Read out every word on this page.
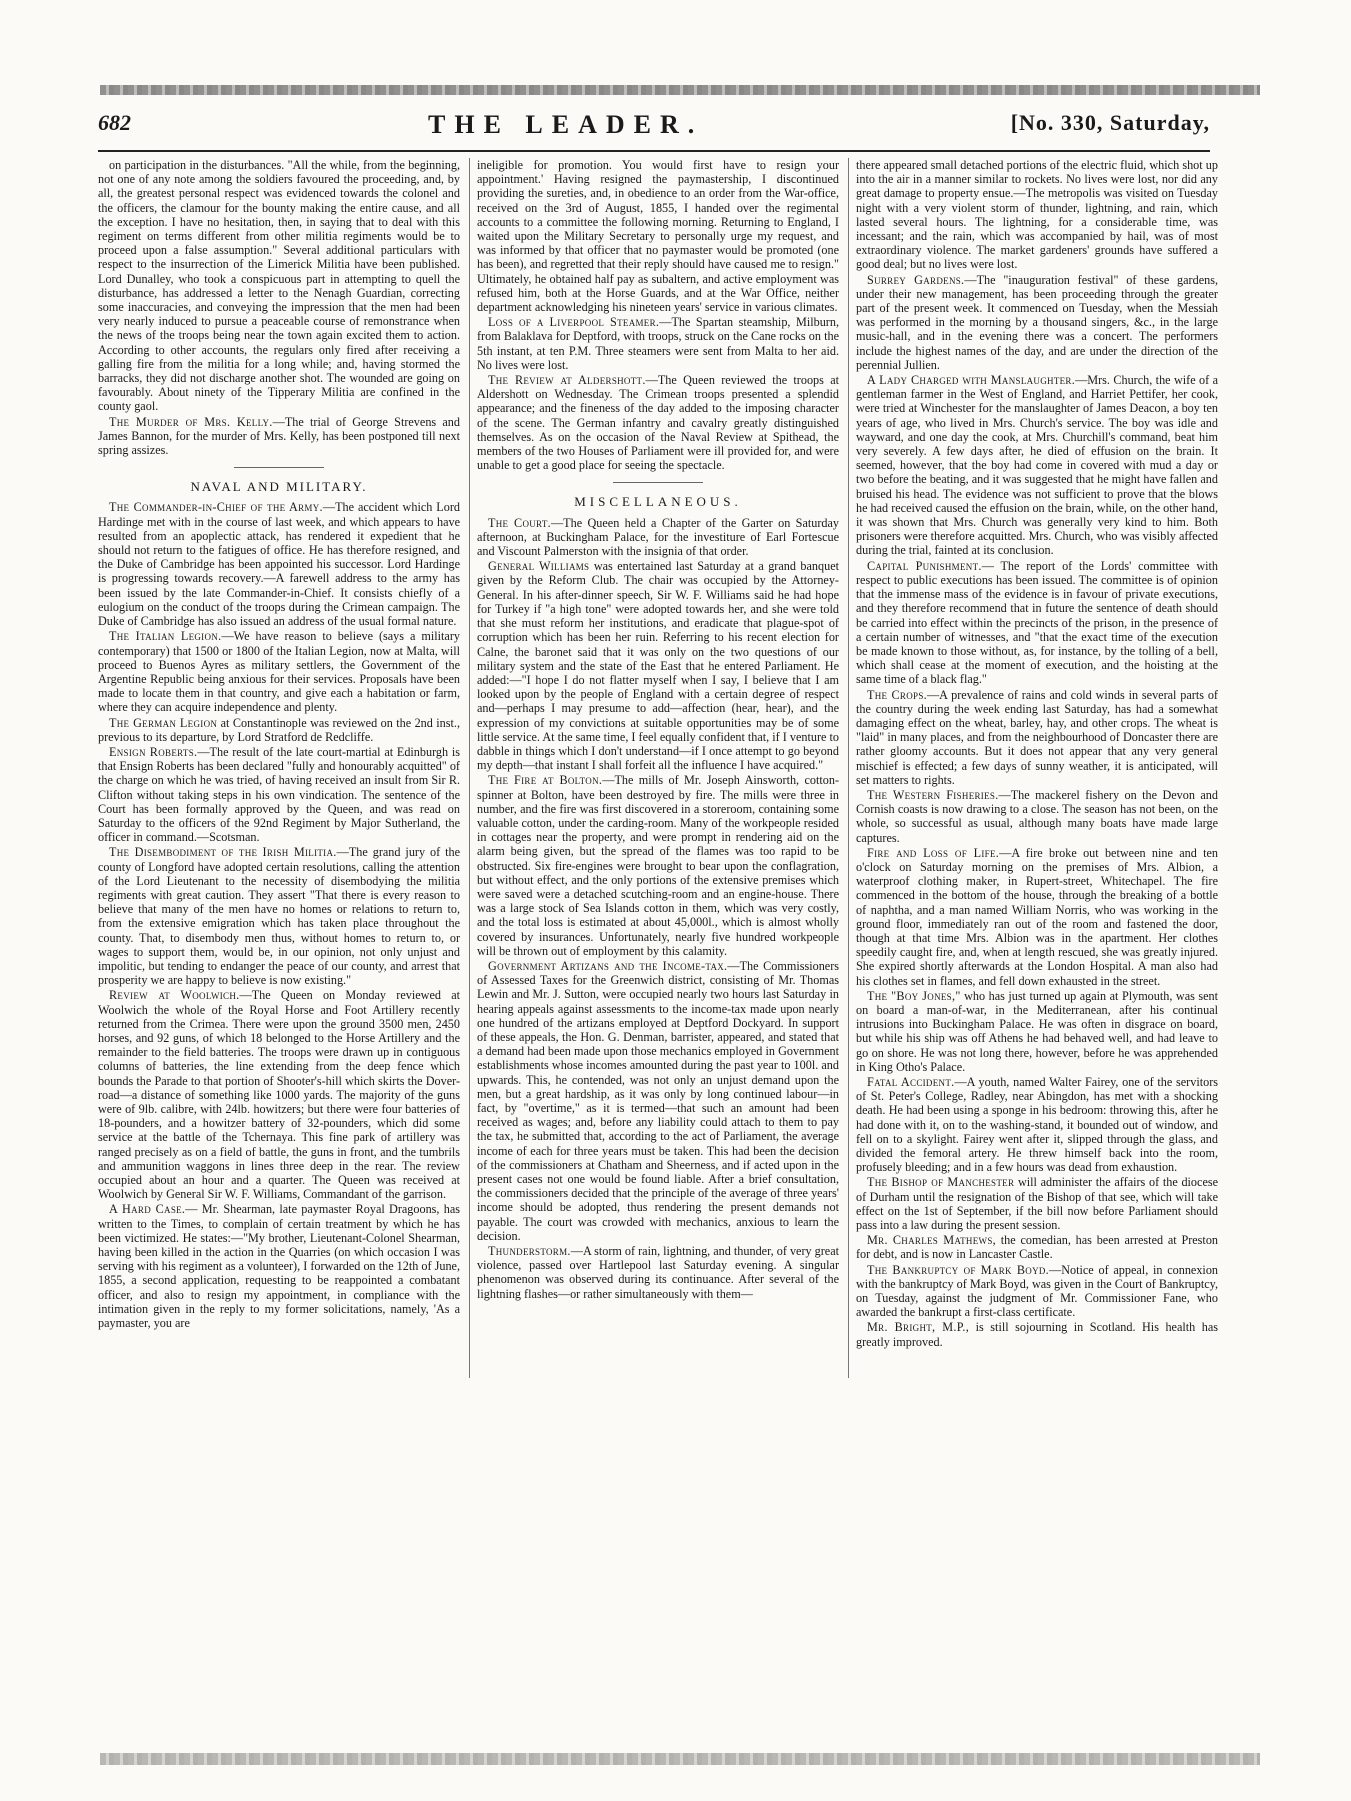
682	THE LEADER.	[No. 330, Saturday,

on participation in the disturbances. "All the while, from the beginning, not one of any note among the soldiers favoured the proceeding, and, by all, the greatest personal respect was evidenced towards the colonel and the officers, the clamour for the bounty making the entire cause, and all the exception. I have no hesitation, then, in saying that to deal with this regiment on terms different from other militia regiments would be to proceed upon a false assumption." Several additional particulars with respect to the insurrection of the Limerick Militia have been published. Lord Dunalley, who took a conspicuous part in attempting to quell the disturbance, has addressed a letter to the Nenagh Guardian, correcting some inaccuracies, and conveying the impression that the men had been very nearly induced to pursue a peaceable course of remonstrance when the news of the troops being near the town again excited them to action. According to other accounts, the regulars only fired after receiving a galling fire from the militia for a long while; and, having stormed the barracks, they did not discharge another shot. The wounded are going on favourably. About ninety of the Tipperary Militia are confined in the county gaol.

The Murder of Mrs. Kelly.—The trial of George Strevens and James Bannon, for the murder of Mrs. Kelly, has been postponed till next spring assizes.

NAVAL AND MILITARY.

The Commander-in-Chief of the Army.—The accident which Lord Hardinge met with in the course of last week, and which appears to have resulted from an apoplectic attack, has rendered it expedient that he should not return to the fatigues of office. He has therefore resigned, and the Duke of Cambridge has been appointed his successor. Lord Hardinge is progressing towards recovery.—A farewell address to the army has been issued by the late Commander-in-Chief. It consists chiefly of a eulogium on the conduct of the troops during the Crimean campaign. The Duke of Cambridge has also issued an address of the usual formal nature.

The Italian Legion.—We have reason to believe (says a military contemporary) that 1500 or 1800 of the Italian Legion, now at Malta, will proceed to Buenos Ayres as military settlers, the Government of the Argentine Republic being anxious for their services. Proposals have been made to locate them in that country, and give each a habitation or farm, where they can acquire independence and plenty.

The German Legion at Constantinople was reviewed on the 2nd inst., previous to its departure, by Lord Stratford de Redcliffe.

Ensign Roberts.—The result of the late court-martial at Edinburgh is that Ensign Roberts has been declared "fully and honourably acquitted" of the charge on which he was tried, of having received an insult from Sir R. Clifton without taking steps in his own vindication. The sentence of the Court has been formally approved by the Queen, and was read on Saturday to the officers of the 92nd Regiment by Major Sutherland, the officer in command.—Scotsman.

The Disembodiment of the Irish Militia.—The grand jury of the county of Longford have adopted certain resolutions, calling the attention of the Lord Lieutenant to the necessity of disembodying the militia regiments with great caution. They assert "That there is every reason to believe that many of the men have no homes or relations to return to, from the extensive emigration which has taken place throughout the county. That, to disembody men thus, without homes to return to, or wages to support them, would be, in our opinion, not only unjust and impolitic, but tending to endanger the peace of our county, and arrest that prosperity we are happy to believe is now existing."

Review at Woolwich.—The Queen on Monday reviewed at Woolwich the whole of the Royal Horse and Foot Artillery recently returned from the Crimea. There were upon the ground 3500 men, 2450 horses, and 92 guns, of which 18 belonged to the Horse Artillery and the remainder to the field batteries. The troops were drawn up in contiguous columns of batteries, the line extending from the deep fence which bounds the Parade to that portion of Shooter's-hill which skirts the Dover-road—a distance of something like 1000 yards. The majority of the guns were of 9lb. calibre, with 24lb. howitzers; but there were four batteries of 18-pounders, and a howitzer battery of 32-pounders, which did some service at the battle of the Tchernaya. This fine park of artillery was ranged precisely as on a field of battle, the guns in front, and the tumbrils and ammunition waggons in lines three deep in the rear. The review occupied about an hour and a quarter. The Queen was received at Woolwich by General Sir W. F. Williams, Commandant of the garrison.

A Hard Case.— Mr. Shearman, late paymaster Royal Dragoons, has written to the Times, to complain of certain treatment by which he has been victimized. He states:—"My brother, Lieutenant-Colonel Shearman, having been killed in the action in the Quarries (on which occasion I was serving with his regiment as a volunteer), I forwarded on the 12th of June, 1855, a second application, requesting to be reappointed a combatant officer, and also to resign my appointment, in compliance with the intimation given in the reply to my former solicitations, namely, 'As a paymaster, you are

ineligible for promotion. You would first have to resign your appointment.' Having resigned the paymastership, I discontinued providing the sureties, and, in obedience to an order from the War-office, received on the 3rd of August, 1855, I handed over the regimental accounts to a committee the following morning. Returning to England, I waited upon the Military Secretary to personally urge my request, and was informed by that officer that no paymaster would be promoted (one has been), and regretted that their reply should have caused me to resign." Ultimately, he obtained half pay as subaltern, and active employment was refused him, both at the Horse Guards, and at the War Office, neither department acknowledging his nineteen years' service in various climates.

Loss of a Liverpool Steamer.—The Spartan steamship, Milburn, from Balaklava for Deptford, with troops, struck on the Cane rocks on the 5th instant, at ten P.M. Three steamers were sent from Malta to her aid. No lives were lost.

The Review at Aldershott.—The Queen reviewed the troops at Aldershott on Wednesday. The Crimean troops presented a splendid appearance; and the fineness of the day added to the imposing character of the scene. The German infantry and cavalry greatly distinguished themselves. As on the occasion of the Naval Review at Spithead, the members of the two Houses of Parliament were ill provided for, and were unable to get a good place for seeing the spectacle.

MISCELLANEOUS.

The Court.—The Queen held a Chapter of the Garter on Saturday afternoon, at Buckingham Palace, for the investiture of Earl Fortescue and Viscount Palmerston with the insignia of that order.

General Williams was entertained last Saturday at a grand banquet given by the Reform Club. The chair was occupied by the Attorney-General. In his after-dinner speech, Sir W. F. Williams said he had hope for Turkey if "a high tone" were adopted towards her, and she were told that she must reform her institutions, and eradicate that plague-spot of corruption which has been her ruin. Referring to his recent election for Calne, the baronet said that it was only on the two questions of our military system and the state of the East that he entered Parliament. He added:—"I hope I do not flatter myself when I say, I believe that I am looked upon by the people of England with a certain degree of respect and—perhaps I may presume to add—affection (hear, hear), and the expression of my convictions at suitable opportunities may be of some little service. At the same time, I feel equally confident that, if I venture to dabble in things which I don't understand—if I once attempt to go beyond my depth—that instant I shall forfeit all the influence I have acquired."

The Fire at Bolton.—The mills of Mr. Joseph Ainsworth, cotton-spinner at Bolton, have been destroyed by fire. The mills were three in number, and the fire was first discovered in a storeroom, containing some valuable cotton, under the carding-room. Many of the workpeople resided in cottages near the property, and were prompt in rendering aid on the alarm being given, but the spread of the flames was too rapid to be obstructed. Six fire-engines were brought to bear upon the conflagration, but without effect, and the only portions of the extensive premises which were saved were a detached scutching-room and an engine-house. There was a large stock of Sea Islands cotton in them, which was very costly, and the total loss is estimated at about 45,000l., which is almost wholly covered by insurances. Unfortunately, nearly five hundred workpeople will be thrown out of employment by this calamity.

Government Artizans and the Income-tax.—The Commissioners of Assessed Taxes for the Greenwich district, consisting of Mr. Thomas Lewin and Mr. J. Sutton, were occupied nearly two hours last Saturday in hearing appeals against assessments to the income-tax made upon nearly one hundred of the artizans employed at Deptford Dockyard. In support of these appeals, the Hon. G. Denman, barrister, appeared, and stated that a demand had been made upon those mechanics employed in Government establishments whose incomes amounted during the past year to 100l. and upwards. This, he contended, was not only an unjust demand upon the men, but a great hardship, as it was only by long continued labour—in fact, by "overtime," as it is termed—that such an amount had been received as wages; and, before any liability could attach to them to pay the tax, he submitted that, according to the act of Parliament, the average income of each for three years must be taken. This had been the decision of the commissioners at Chatham and Sheerness, and if acted upon in the present cases not one would be found liable. After a brief consultation, the commissioners decided that the principle of the average of three years' income should be adopted, thus rendering the present demands not payable. The court was crowded with mechanics, anxious to learn the decision.

Thunderstorm.—A storm of rain, lightning, and thunder, of very great violence, passed over Hartlepool last Saturday evening. A singular phenomenon was observed during its continuance. After several of the lightning flashes—or rather simultaneously with them—

there appeared small detached portions of the electric fluid, which shot up into the air in a manner similar to rockets. No lives were lost, nor did any great damage to property ensue.—The metropolis was visited on Tuesday night with a very violent storm of thunder, lightning, and rain, which lasted several hours. The lightning, for a considerable time, was incessant; and the rain, which was accompanied by hail, was of most extraordinary violence. The market gardeners' grounds have suffered a good deal; but no lives were lost.

Surrey Gardens.—The "inauguration festival" of these gardens, under their new management, has been proceeding through the greater part of the present week. It commenced on Tuesday, when the Messiah was performed in the morning by a thousand singers, &c., in the large music-hall, and in the evening there was a concert. The performers include the highest names of the day, and are under the direction of the perennial Jullien.

A Lady Charged with Manslaughter.—Mrs. Church, the wife of a gentleman farmer in the West of England, and Harriet Pettifer, her cook, were tried at Winchester for the manslaughter of James Deacon, a boy ten years of age, who lived in Mrs. Church's service. The boy was idle and wayward, and one day the cook, at Mrs. Churchill's command, beat him very severely. A few days after, he died of effusion on the brain. It seemed, however, that the boy had come in covered with mud a day or two before the beating, and it was suggested that he might have fallen and bruised his head. The evidence was not sufficient to prove that the blows he had received caused the effusion on the brain, while, on the other hand, it was shown that Mrs. Church was generally very kind to him. Both prisoners were therefore acquitted. Mrs. Church, who was visibly affected during the trial, fainted at its conclusion.

Capital Punishment.— The report of the Lords' committee with respect to public executions has been issued. The committee is of opinion that the immense mass of the evidence is in favour of private executions, and they therefore recommend that in future the sentence of death should be carried into effect within the precincts of the prison, in the presence of a certain number of witnesses, and "that the exact time of the execution be made known to those without, as, for instance, by the tolling of a bell, which shall cease at the moment of execution, and the hoisting at the same time of a black flag."

The Crops.—A prevalence of rains and cold winds in several parts of the country during the week ending last Saturday, has had a somewhat damaging effect on the wheat, barley, hay, and other crops. The wheat is "laid" in many places, and from the neighbourhood of Doncaster there are rather gloomy accounts. But it does not appear that any very general mischief is effected; a few days of sunny weather, it is anticipated, will set matters to rights.

The Western Fisheries.—The mackerel fishery on the Devon and Cornish coasts is now drawing to a close. The season has not been, on the whole, so successful as usual, although many boats have made large captures.

Fire and Loss of Life.—A fire broke out between nine and ten o'clock on Saturday morning on the premises of Mrs. Albion, a waterproof clothing maker, in Rupert-street, Whitechapel. The fire commenced in the bottom of the house, through the breaking of a bottle of naphtha, and a man named William Norris, who was working in the ground floor, immediately ran out of the room and fastened the door, though at that time Mrs. Albion was in the apartment. Her clothes speedily caught fire, and, when at length rescued, she was greatly injured. She expired shortly afterwards at the London Hospital. A man also had his clothes set in flames, and fell down exhausted in the street.

The "Boy Jones," who has just turned up again at Plymouth, was sent on board a man-of-war, in the Mediterranean, after his continual intrusions into Buckingham Palace. He was often in disgrace on board, but while his ship was off Athens he had behaved well, and had leave to go on shore. He was not long there, however, before he was apprehended in King Otho's Palace.

Fatal Accident.—A youth, named Walter Fairey, one of the servitors of St. Peter's College, Radley, near Abingdon, has met with a shocking death. He had been using a sponge in his bedroom: throwing this, after he had done with it, on to the washing-stand, it bounded out of window, and fell on to a skylight. Fairey went after it, slipped through the glass, and divided the femoral artery. He threw himself back into the room, profusely bleeding; and in a few hours was dead from exhaustion.

The Bishop of Manchester will administer the affairs of the diocese of Durham until the resignation of the Bishop of that see, which will take effect on the 1st of September, if the bill now before Parliament should pass into a law during the present session.

Mr. Charles Mathews, the comedian, has been arrested at Preston for debt, and is now in Lancaster Castle.

The Bankruptcy of Mark Boyd.—Notice of appeal, in connexion with the bankruptcy of Mark Boyd, was given in the Court of Bankruptcy, on Tuesday, against the judgment of Mr. Commissioner Fane, who awarded the bankrupt a first-class certificate.

Mr. Bright, M.P., is still sojourning in Scotland. His health has greatly improved.
